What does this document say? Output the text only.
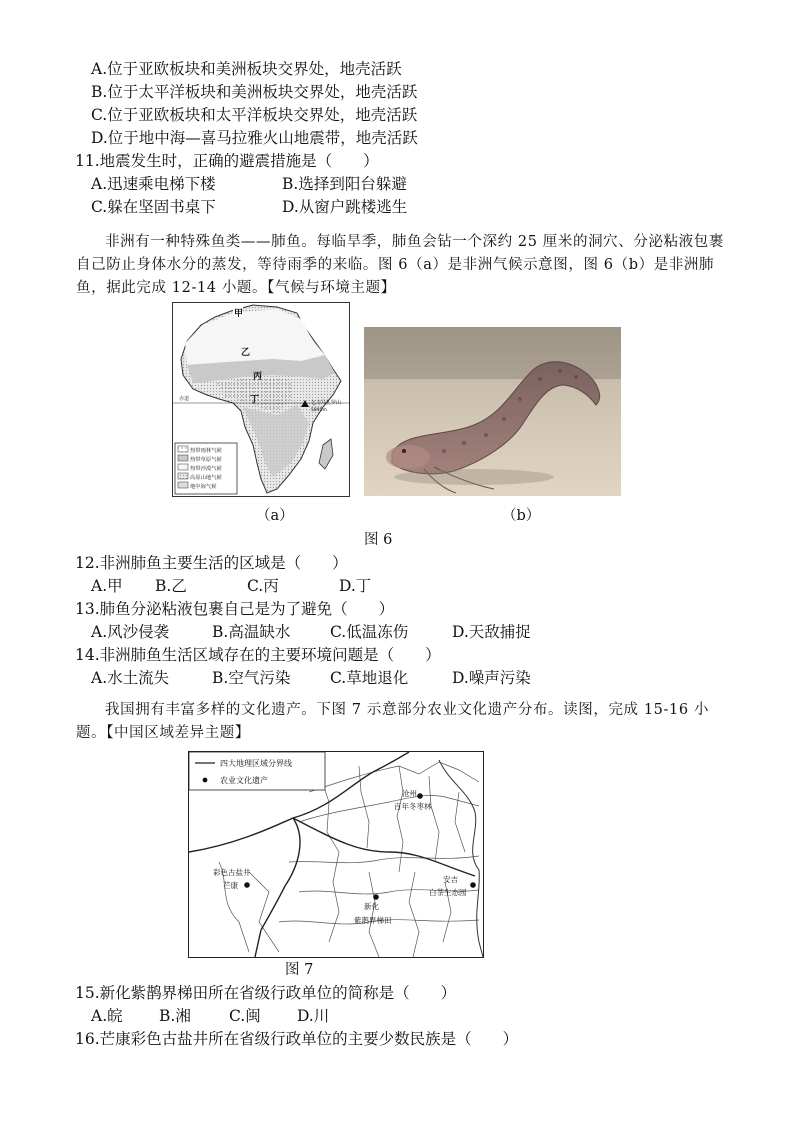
A.位于亚欧板块和美洲板块交界处，地壳活跃
B.位于太平洋板块和美洲板块交界处，地壳活跃
C.位于亚欧板块和太平洋板块交界处，地壳活跃
D.位于地中海—喜马拉雅火山地震带，地壳活跃
11.地震发生时，正确的避震措施是（　　）
A.迅速乘电梯下楼	B.选择到阳台躲避
C.躲在坚固书桌下	D.从窗户跳楼逃生
非洲有一种特殊鱼类——肺鱼。每临旱季，肺鱼会钻一个深约 25 厘米的洞穴、分泌粘液包裹自己防止身体水分的蒸发，等待雨季的来临。图 6（a）是非洲气候示意图，图 6（b）是非洲肺鱼，据此完成 12-14 小题。【气候与环境主题】
赤道
甲
乙
丙
丁	乞力马扎罗山
5895m
热带雨林气候
热带草原气候
热带沙漠气候
高原山地气候
地中海气候
（a）	（b）
图 6
12.非洲肺鱼主要生活的区域是（　　）
A.甲 B.乙	C.丙	D.丁
13.肺鱼分泌粘液包裹自己是为了避免（　　）
A.风沙侵袭	B.高温缺水	C.低温冻伤	D.天敌捕捉
14.非洲肺鱼生活区域存在的主要环境问题是（　　）
A.水土流失	B.空气污染	C.草地退化	D.噪声污染
我国拥有丰富多样的文化遗产。下图 7 示意部分农业文化遗产分布。读图，完成 15-16 小题。【中国区域差异主题】
四大地理区域分界线
农业文化遗产
沧州
百年冬枣林
彩色古盐井
芒康
安吉
白茶生态园
新化
紫鹊界梯田
图 7
15.新化紫鹊界梯田所在省级行政单位的简称是（　　）
A.皖 B.湘 C.闽 D.川
16.芒康彩色古盐井所在省级行政单位的主要少数民族是（　　）
